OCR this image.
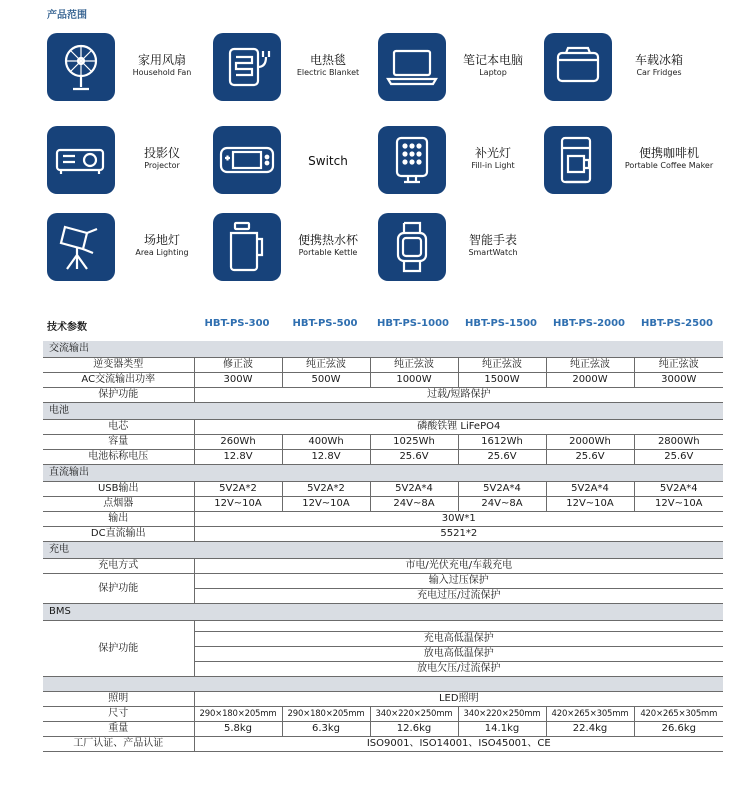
产品范围
家用风扇
Household Fan
电热毯
Electric Blanket
笔记本电脑
Laptop
车载冰箱
Car Fridges
投影仪
Projector	Switch
补光灯
Fill-in Light
便携咖啡机
Portable Coffee Maker
场地灯
Area Lighting
便携热水杯
Portable Kettle
智能手表
SmartWatch
技术参数	HBT-PS-300	HBT-PS-500	HBT-PS-1000	HBT-PS-1500	HBT-PS-2000	HBT-PS-2500
交流输出						
逆变器类型	修正波	纯正弦波	纯正弦波	纯正弦波	纯正弦波	纯正弦波
AC交流输出功率	300W	500W	1000W	1500W	2000W	3000W
保护功能	过载/短路保护					
电池						
电芯	磷酸铁锂 LiFePO4					
容量	260Wh	400Wh	1025Wh	1612Wh	2000Wh	2800Wh
电池标称电压	12.8V	12.8V	25.6V	25.6V	25.6V	25.6V
直流输出						
USB输出	5V2A*2	5V2A*2	5V2A*4	5V2A*4	5V2A*4	5V2A*4
点烟器	12V~10A	12V~10A	24V~8A	24V~8A	12V~10A	12V~10A
输出	30W*1					
DC直流输出	5521*2					
充电						
充电方式	市电/光伏充电/车载充电					
保护功能	输入过压保护					
	充电过压/过流保护					
BMS						
保护功能						
	充电高低温保护					
	放电高低温保护					
	放电欠压/过流保护					

照明	LED照明					
尺寸	290×180×205mm	290×180×205mm	340×220×250mm	340×220×250mm	420×265×305mm	420×265×305mm
重量	5.8kg	6.3kg	12.6kg	14.1kg	22.4kg	26.6kg
工厂认证、产品认证	ISO9001、ISO14001、ISO45001、CE					
